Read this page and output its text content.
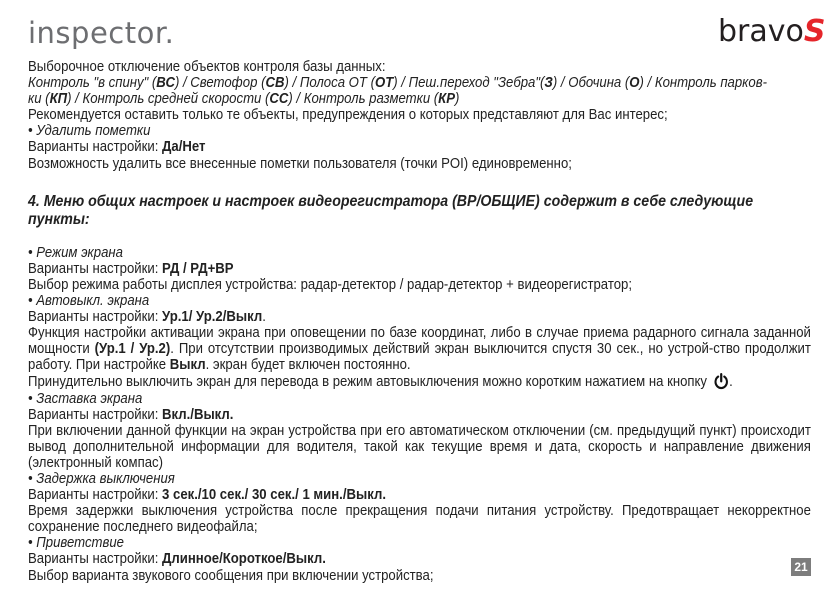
inspector.	bravoS

Выборочное отключение объектов контроля базы данных:

Контроль "в спину" (ВС) / Светофор (СВ) / Полоса ОТ (ОТ) / Пеш.переход "Зебра"(З) / Обочина (О) / Контроль парков-

ки (КП) / Контроль средней скорости (СС) / Контроль разметки (КР)

Рекомендуется оставить только те объекты, предупреждения о которых представляют для Вас интерес;

• Удалить пометки

Варианты настройки: Да/Нет

Возможность удалить все внесенные пометки пользователя (точки POI) единовременно;

4. Меню общих настроек и настроек видеорегистратора (ВР/ОБЩИЕ) содержит в себе следующие пункты:

• Режим экрана

Варианты настройки: РД / РД+ВР

Выбор режима работы дисплея устройства: радар-детектор / радар-детектор + видеорегистратор;

• Автовыкл. экрана

Варианты настройки: Ур.1/ Ур.2/Выкл.

Функция настройки активации экрана при оповещении по базе координат, либо в случае приема радарного сигнала заданной мощности (Ур.1 / Ур.2). При отсутствии производимых действий экран выключится спустя 30 сек., но устрой-ство продолжит работу. При настройке Выкл. экран будет включен постоянно.

Принудительно выключить экран для перевода в режим автовыключения можно коротким нажатием на кнопку .

• Заставка экрана

Варианты настройки: Вкл./Выкл.

При включении данной функции на экран устройства при его автоматическом отключении (см. предыдущий пункт) происходит вывод дополнительной информации для водителя, такой как текущие время и дата, скорость и направление движения (электронный компас)

• Задержка выключения

Варианты настройки: 3 сек./10 сек./ 30 сек./ 1 мин./Выкл.

Время задержки выключения устройства после прекращения подачи питания устройству. Предотвращает некорректное сохранение последнего видеофайла;

• Приветствие

Варианты настройки: Длинное/Короткое/Выкл.

Выбор варианта звукового сообщения при включении устройства;

21
